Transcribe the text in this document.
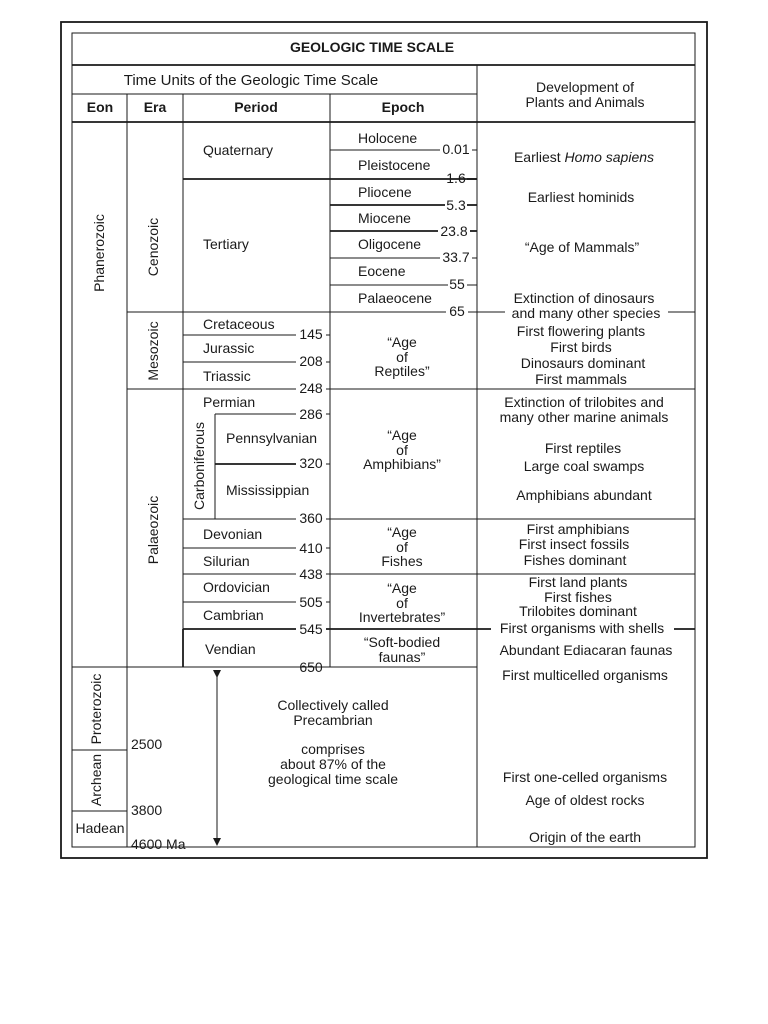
GEOLOGIC TIME SCALE
Time Units of the Geologic Time Scale
Eon Era	Period	Epoch
Development of
Plants and Animals
Phanerozoic
Proterozoic
Archean
Hadean
Cenozoic
Mesozoic
Palaeozoic
Quaternary
Tertiary
Cretaceous
Jurassic
Triassic
Permian
Carboniferous Pennsylvanian
Mississippian
Devonian
Silurian
Ordovician
Cambrian
Vendian
Holocene
Pleistocene
Pliocene
Miocene
Oligocene
Eocene
Palaeocene
0.01
1.6
5.3
23.8
33.7
55
65
145
208
248
286
320
360
410
438
505
545
650
2500
3800
4600 Ma
“Age
of
Reptiles”
“Age
of
Amphibians”
“Age
of
Fishes
“Age
of
Invertebrates”
“Soft-bodied
faunas”
Collectively called
Precambrian
comprises
about 87% of the
geological time scale
Earliest Homo sapiens
Earliest hominids
“Age of Mammals”
Extinction of dinosaurs
and many other species
First flowering plants
First birds
Dinosaurs dominant
First mammals
Extinction of trilobites and
many other marine animals
First reptiles
Large coal swamps
Amphibians abundant
First amphibians
First insect fossils
Fishes dominant
First land plants
First fishes
Trilobites dominant
First organisms with shells
Abundant Ediacaran faunas
First multicelled organisms
First one-celled organisms
Age of oldest rocks
Origin of the earth
